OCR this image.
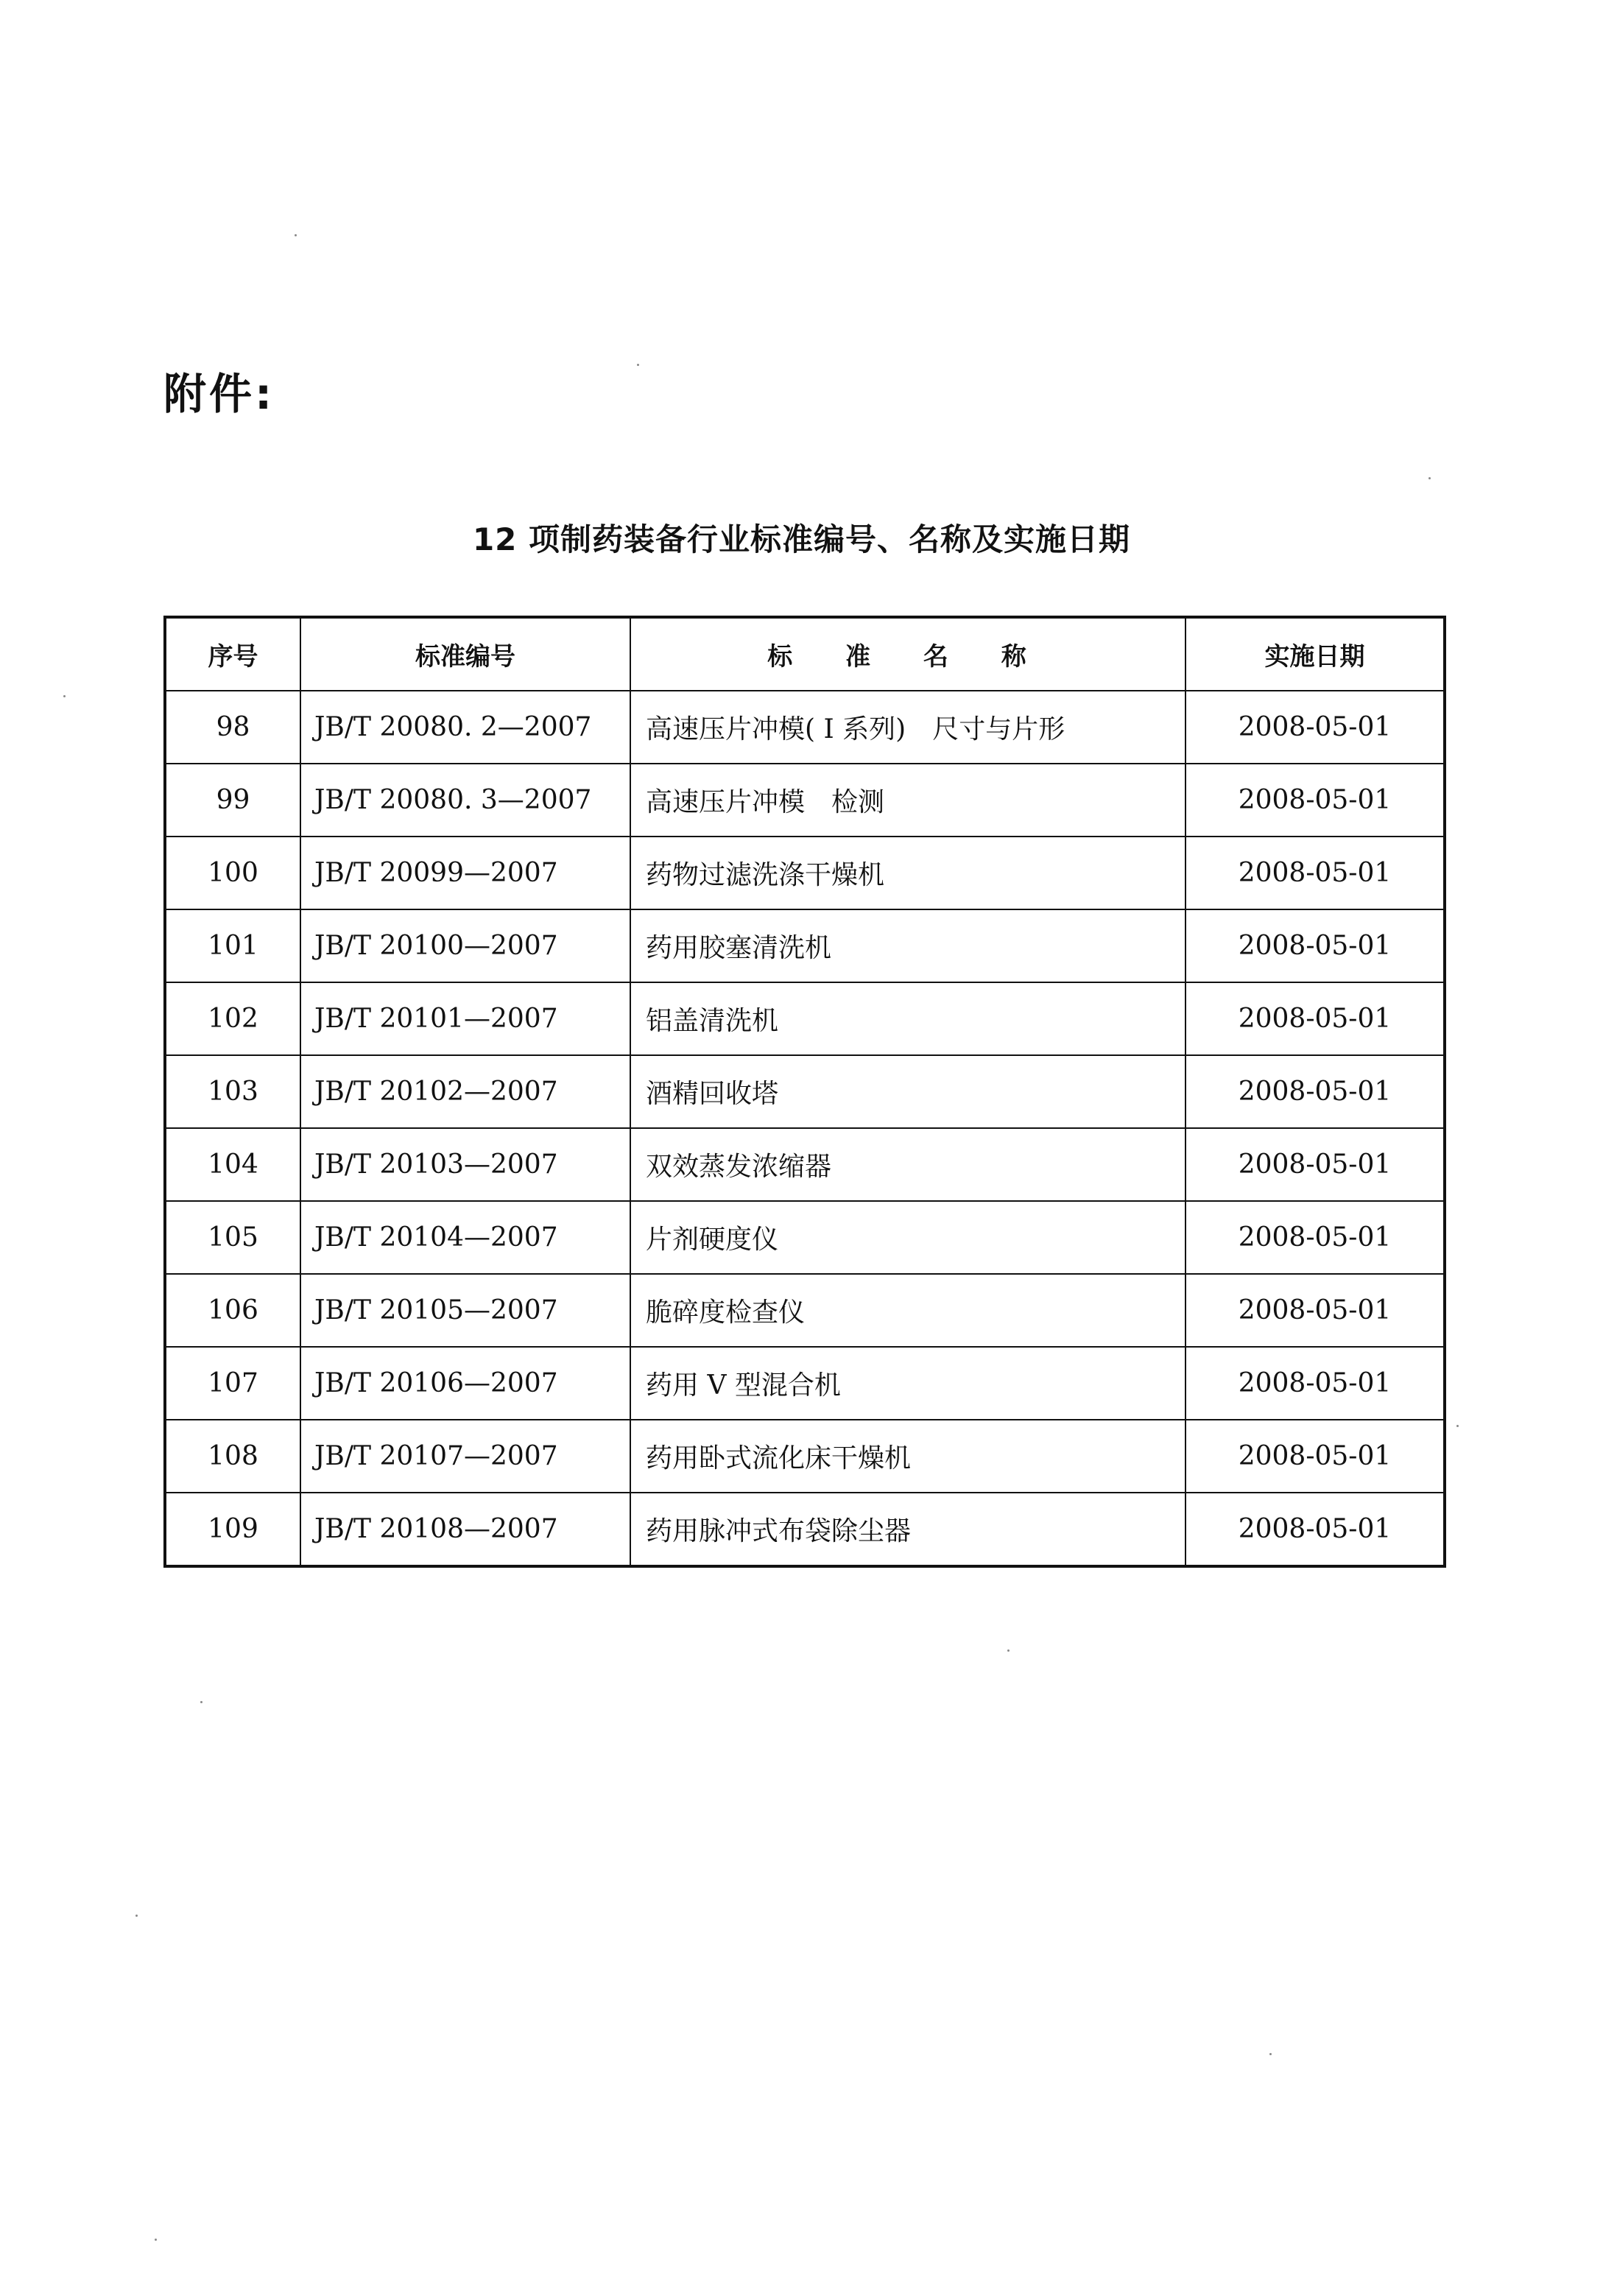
附件:
12 项制药装备行业标准编号、名称及实施日期
序号	标准编号	标 准 名 称	实施日期
98	JB/T 20080. 2—2007	高速压片冲模( I 系列)　尺寸与片形	2008-05-01
99	JB/T 20080. 3—2007	高速压片冲模　检测	2008-05-01
100	JB/T 20099—2007	药物过滤洗涤干燥机	2008-05-01
101	JB/T 20100—2007	药用胶塞清洗机	2008-05-01
102	JB/T 20101—2007	铝盖清洗机	2008-05-01
103	JB/T 20102—2007	酒精回收塔	2008-05-01
104	JB/T 20103—2007	双效蒸发浓缩器	2008-05-01
105	JB/T 20104—2007	片剂硬度仪	2008-05-01
106	JB/T 20105—2007	脆碎度检查仪	2008-05-01
107	JB/T 20106—2007	药用 V 型混合机	2008-05-01
108	JB/T 20107—2007	药用卧式流化床干燥机	2008-05-01
109	JB/T 20108—2007	药用脉冲式布袋除尘器	2008-05-01
